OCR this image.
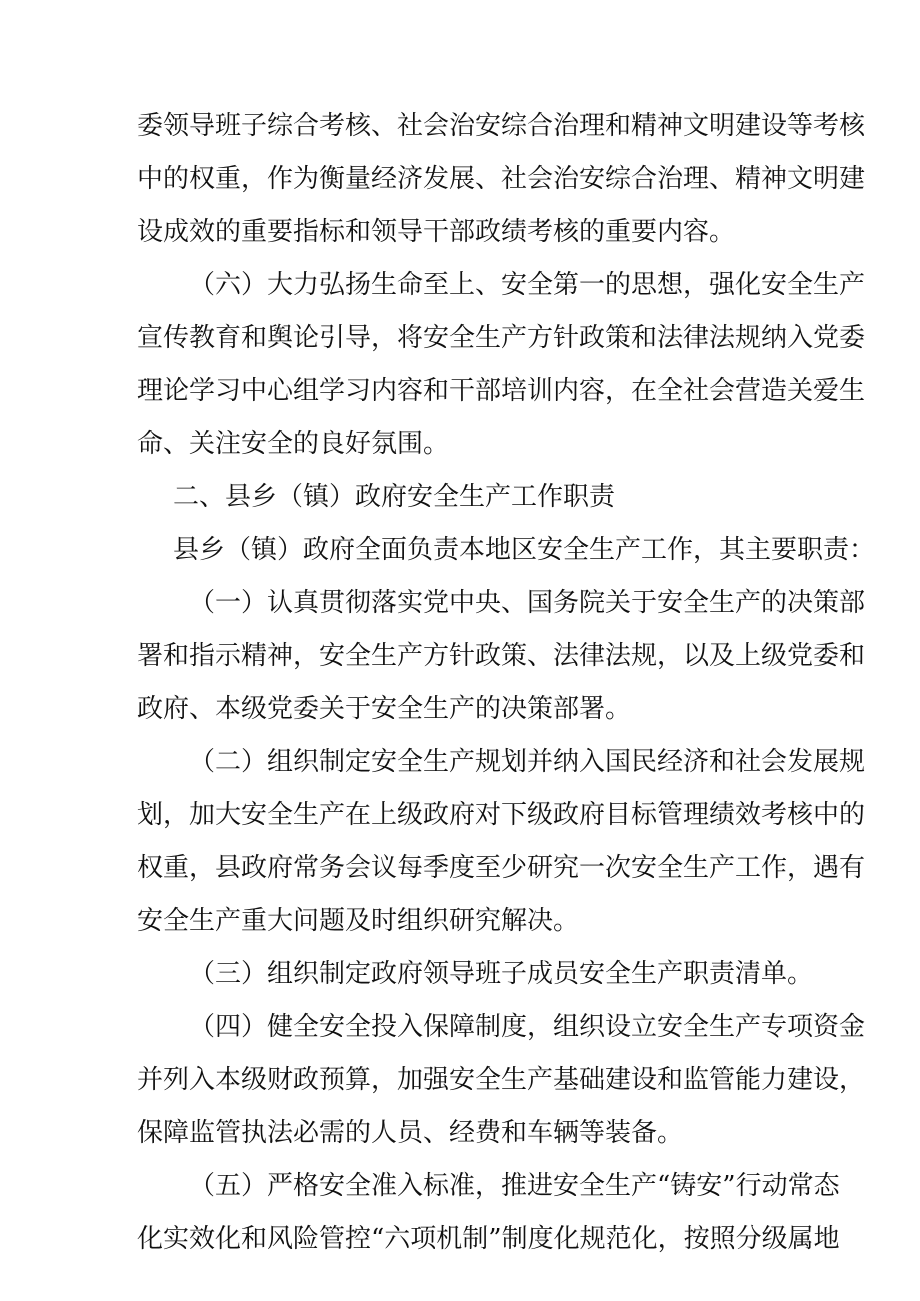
委领导班子综合考核、社会治安综合治理和精神文明建设等考核
中的权重，作为衡量经济发展、社会治安综合治理、精神文明建
设成效的重要指标和领导干部政绩考核的重要内容。
（六）大力弘扬生命至上、安全第一的思想，强化安全生产
宣传教育和舆论引导，将安全生产方针政策和法律法规纳入党委
理论学习中心组学习内容和干部培训内容，在全社会营造关爱生
命、关注安全的良好氛围。
二、县乡（镇）政府安全生产工作职责
县乡（镇）政府全面负责本地区安全生产工作，其主要职责：
（一）认真贯彻落实党中央、国务院关于安全生产的决策部
署和指示精神，安全生产方针政策、法律法规，以及上级党委和
政府、本级党委关于安全生产的决策部署。
（二）组织制定安全生产规划并纳入国民经济和社会发展规
划，加大安全生产在上级政府对下级政府目标管理绩效考核中的
权重，县政府常务会议每季度至少研究一次安全生产工作，遇有
安全生产重大问题及时组织研究解决。
（三）组织制定政府领导班子成员安全生产职责清单。
（四）健全安全投入保障制度，组织设立安全生产专项资金
并列入本级财政预算，加强安全生产基础建设和监管能力建设，
保障监管执法必需的人员、经费和车辆等装备。
（五）严格安全准入标准，推进安全生产“铸安”行动常态
化实效化和风险管控“六项机制”制度化规范化，按照分级属地
